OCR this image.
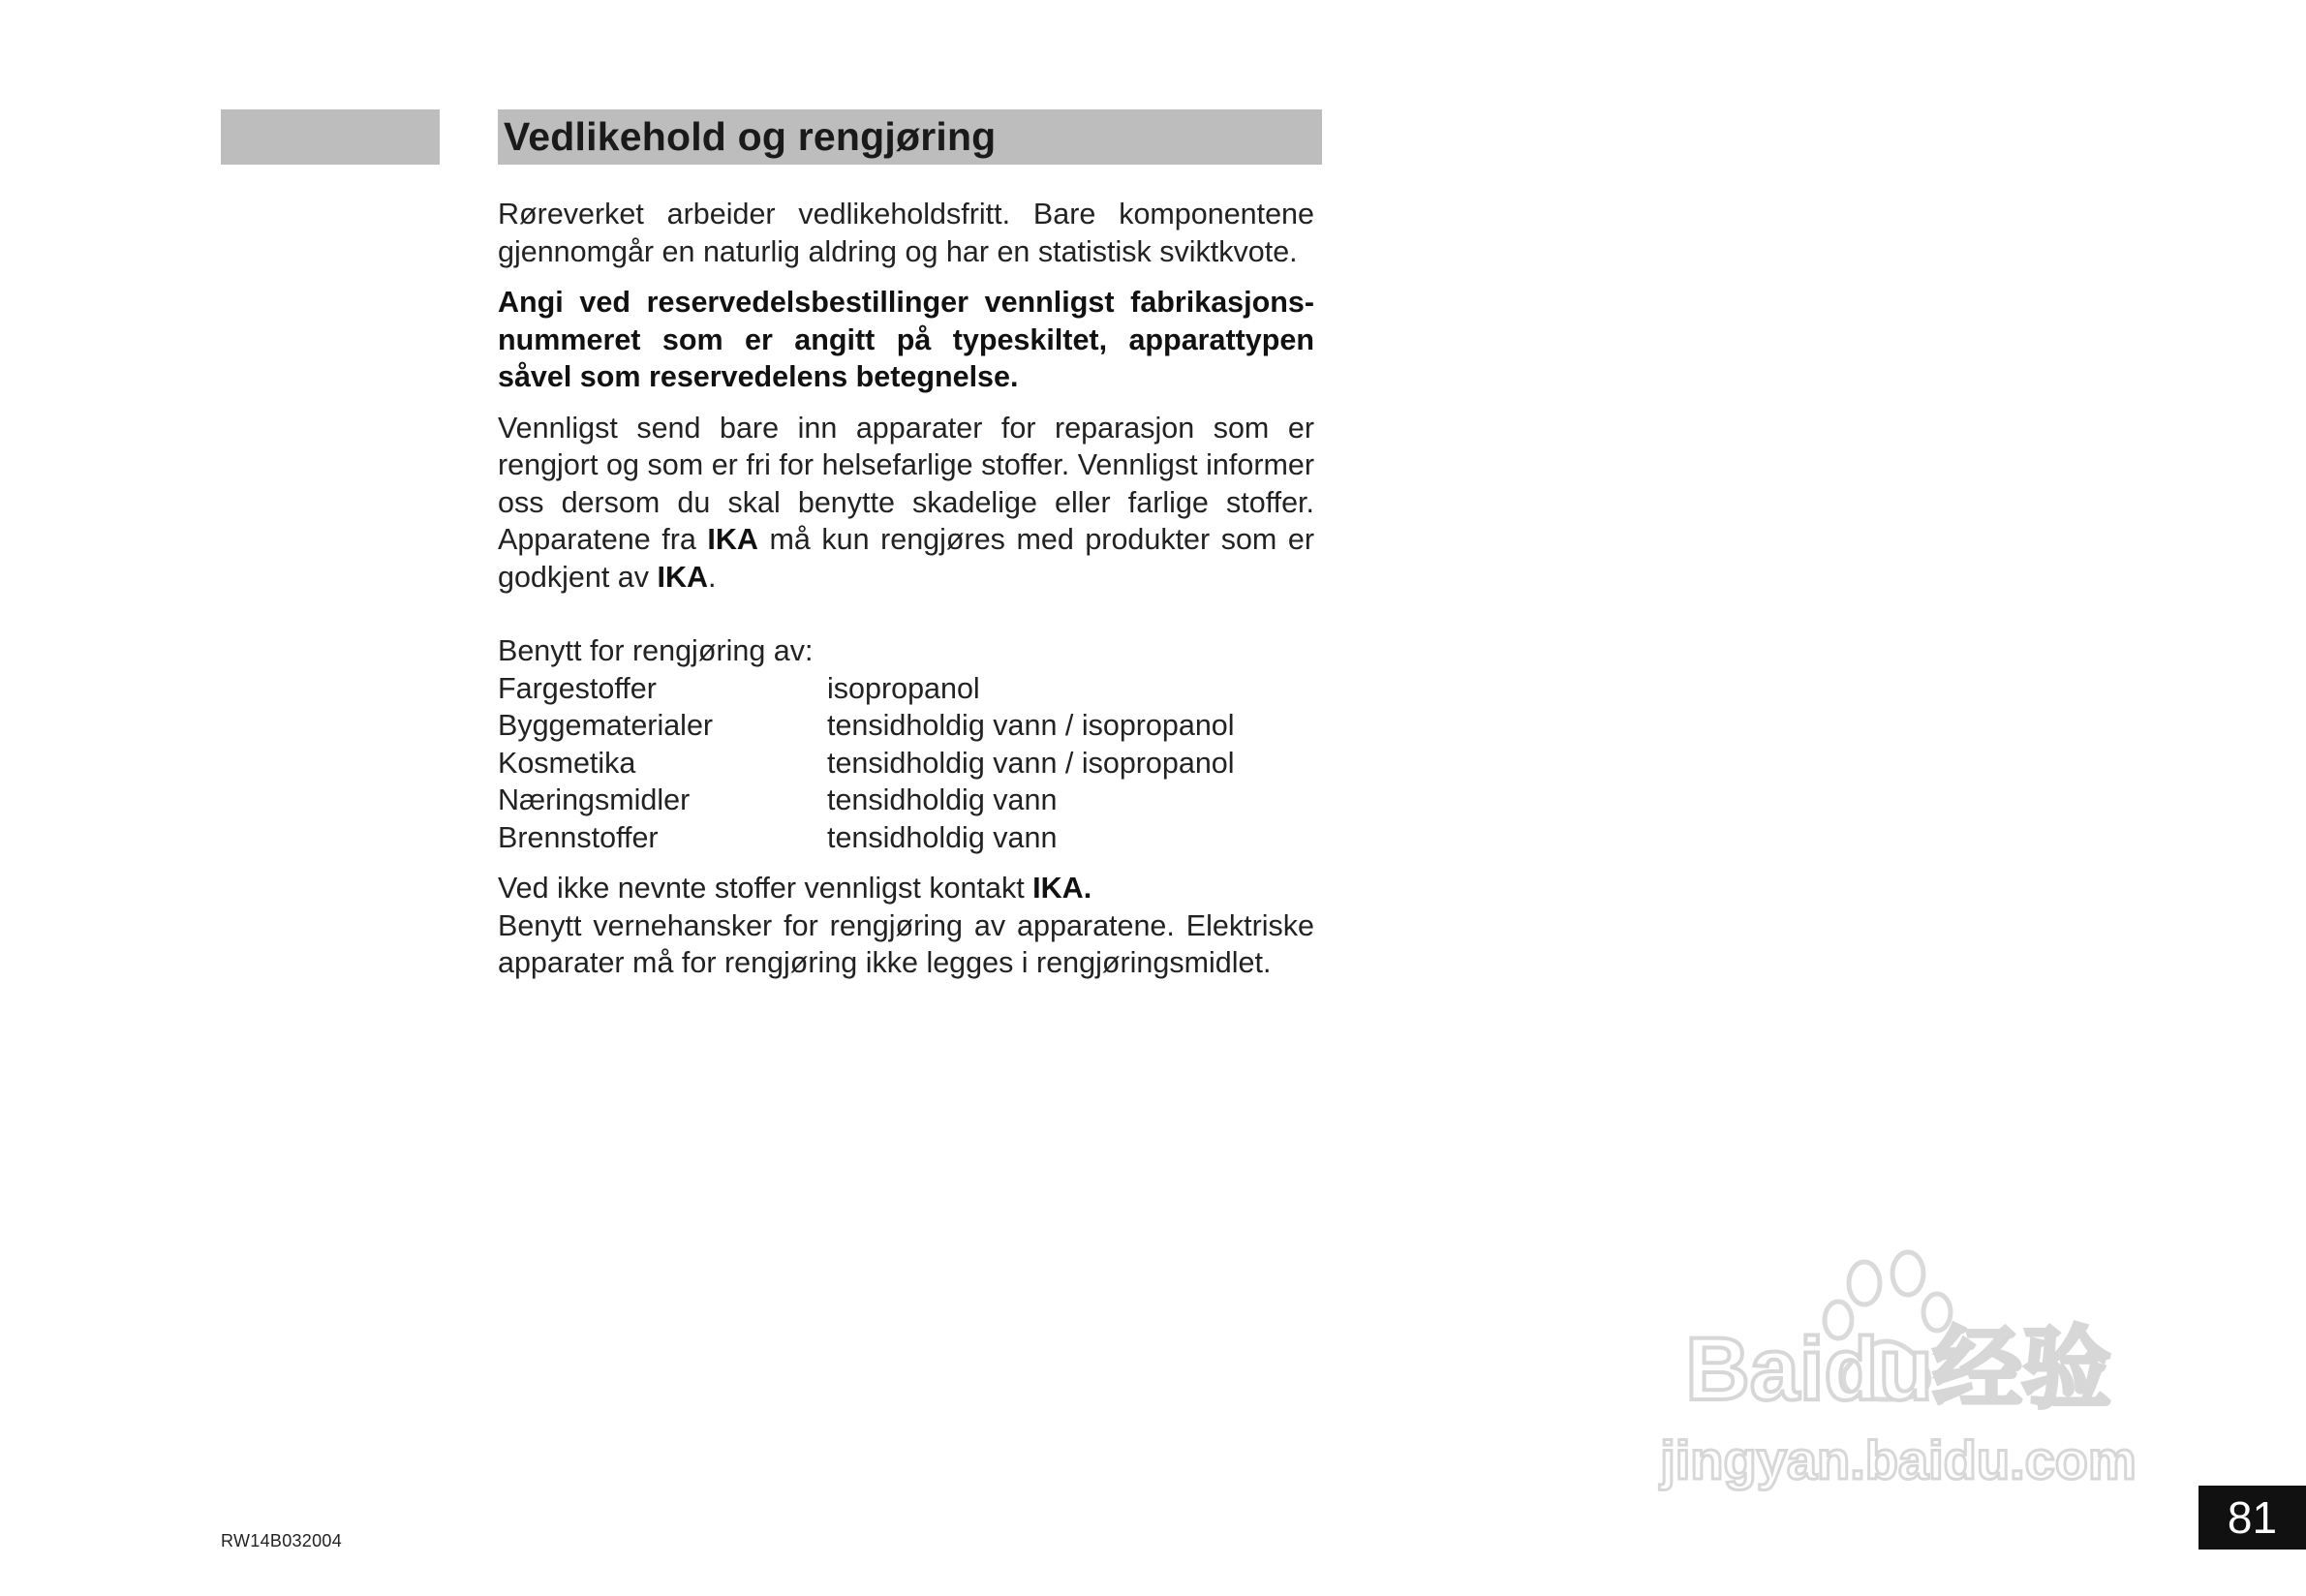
Vedlikehold og rengjøring

Røreverket arbeider vedlikeholdsfritt. Bare komponentene gjennomgår en naturlig aldring og har en statistisk sviktkvote.

Angi ved reservedelsbestillinger vennligst fabrikasjons-nummeret som er angitt på typeskiltet, apparattypen såvel som reservedelens betegnelse.

Vennligst send bare inn apparater for reparasjon som er rengjort og som er fri for helsefarlige stoffer. Vennligst informer oss dersom du skal benytte skadelige eller farlige stoffer. Apparatene fra IKA må kun rengjøres med produkter som er godkjent av IKA.

Benytt for rengjøring av:

Fargestoffer	isopropanol
Byggematerialer	tensidholdig vann / isopropanol
Kosmetika	tensidholdig vann / isopropanol
Næringsmidler	tensidholdig vann
Brennstoffer	tensidholdig vann

Ved ikke nevnte stoffer vennligst kontakt IKA.

Benytt vernehansker for rengjøring av apparatene. Elektriske apparater må for rengjøring ikke legges i rengjøringsmidlet.

RW14B032004	81
Baidu经验
jingyan.baidu.com
